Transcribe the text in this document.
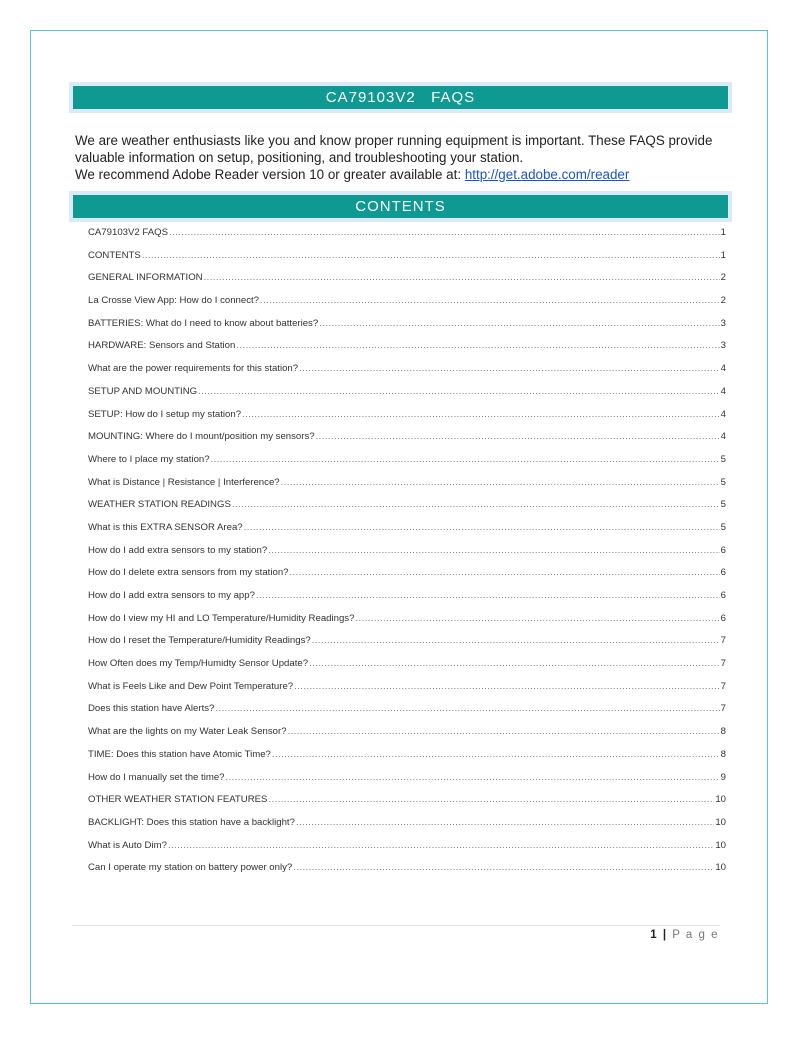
CA79103V2   FAQS

We are weather enthusiasts like you and know proper running equipment is important. These FAQS provide valuable information on setup, positioning, and troubleshooting your station.

We recommend Adobe Reader version 10 or greater available at: http://get.adobe.com/reader

CONTENTS
CA79103V2 FAQS .....	1
CONTENTS .....	1
GENERAL INFORMATION .....	2
La Crosse View App: How do I connect? .....	2
BATTERIES: What do I need to know about batteries? .....	3
HARDWARE: Sensors and Station .....	3
What are the power requirements for this station? .....	4
SETUP AND MOUNTING .....	4
SETUP: How do I setup my station? .....	4
MOUNTING: Where do I mount/position my sensors? .....	4
Where to I place my station? .....	5
What is Distance | Resistance | Interference? .....	5
WEATHER STATION READINGS .....	5
What is this EXTRA SENSOR Area? .....	5
How do I add extra sensors to my station? .....	6
How do I delete extra sensors from my station? .....	6
How do I add extra sensors to my app? .....	6
How do I view my HI and LO Temperature/Humidity Readings? .....	6
How do I reset the Temperature/Humidity Readings? .....	7
How Often does my Temp/Humidty Sensor Update? .....	7
What is Feels Like and Dew Point Temperature? .....	7
Does this station have Alerts? .....	7
What are the lights on my Water Leak Sensor? .....	8
TIME: Does this station have Atomic Time? .....	8
How do I manually set the time? .....	9
OTHER WEATHER STATION FEATURES .....	10
BACKLIGHT: Does this station have a backlight? .....	10
What is Auto Dim? .....	10
Can I operate my station on battery power only? .....	10
1 | P a g e
